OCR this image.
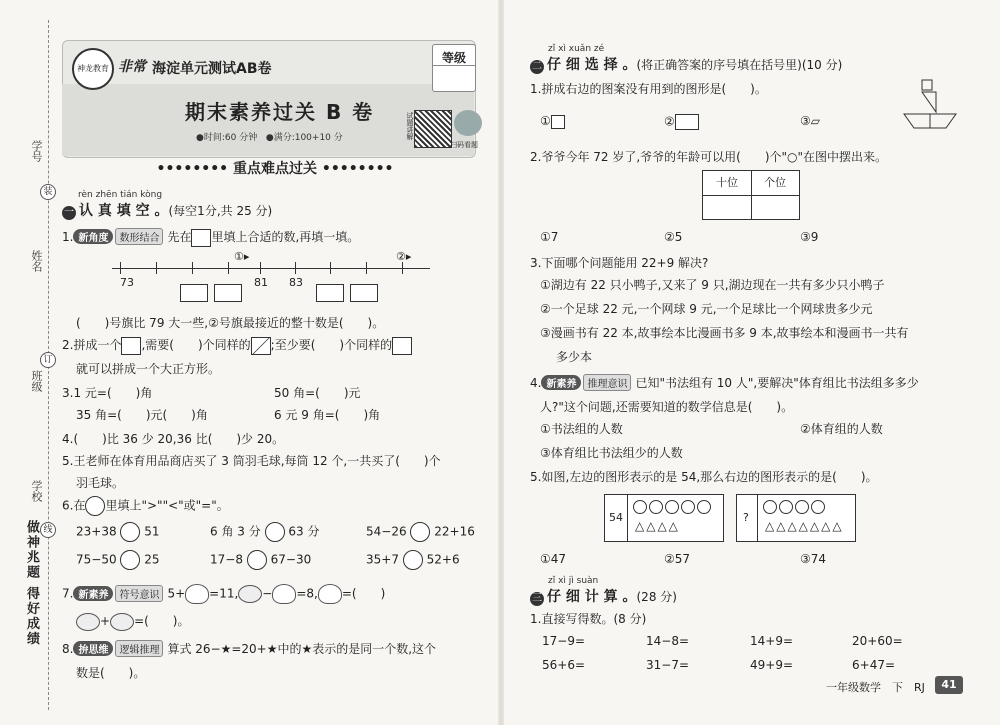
学号
姓名
班级
学校
装
订
线
做神兆题 得好成绩
神龙教育 非常 海淀单元测试AB卷
期末素养过关 B 卷
●时间:60 分钟 ●满分:100+10 分
等级
试题讲解
扫码看题
•••••••• 重点难点过关 ••••••••
rèn zhēn tián kòng
一 认 真 填 空 。(每空1分,共 25 分)
1. 新角度 数形结合 先在 里填上合适的数,再填一填。
73	81 83
①▸	②▸
(　　)号旗比 79 大一些,②号旗最接近的整十数是(　　)。
2.拼成一个 ,需要(　　)个同样的 ;至少要(　　)个同样的
就可以拼成一个大正方形。
3.1 元=(　　)角	50 角=(　　)元
35 角=(　　)元(　　)角	6 元 9 角=(　　)角
4.(　　)比 36 少 20,36 比(　　)少 20。
5.王老师在体育用品商店买了 3 筒羽毛球,每筒 12 个,一共买了(　　)个
羽毛球。
6.在 里填上">""<"或"="。
23+38 51	6 角 3 分 63 分	54−26 22+16
75−50 25	17−8 67−30	35+7 52+6
7. 新素养 符号意识 5+ =11, − =8, =(　　)
+ =(　　)。
8. 拚思维 逻辑推理 算式 26−★=20+★中的★表示的是同一个数,这个
数是(　　)。
zǐ xì xuǎn zé
二 仔 细 选 择 。(将正确答案的序号填在括号里)(10 分)
1.拼成右边的图案没有用到的图形是(　　)。
①	②	③▱
2.爷爷今年 72 岁了,爷爷的年龄可以用(　　)个"○"在图中摆出来。
十位	个位
①7	②5	③9
3.下面哪个问题能用 22+9 解决?
①湖边有 22 只小鸭子,又来了 9 只,湖边现在一共有多少只小鸭子
②一个足球 22 元,一个网球 9 元,一个足球比一个网球贵多少元
③漫画书有 22 本,故事绘本比漫画书多 9 本,故事绘本和漫画书一共有
多少本
4. 新素养 推理意识 已知"书法组有 10 人",要解决"体育组比书法组多多少
人?"这个问题,还需要知道的数学信息是(　　)。
①书法组的人数	②体育组的人数
③体育组比书法组少的人数
5.如图,左边的图形表示的是 54,那么右边的图形表示的是(　　)。
54
△△△△
?
△△△△△△△
①47	②57	③74
zǐ xì jì suàn
三 仔 细 计 算 。(28 分)
1.直接写得数。(8 分)
17−9=	14−8=	14+9=	20+60=
56+6=	31−7=	49+9=	6+47=
一年级数学　下　RJ	41
